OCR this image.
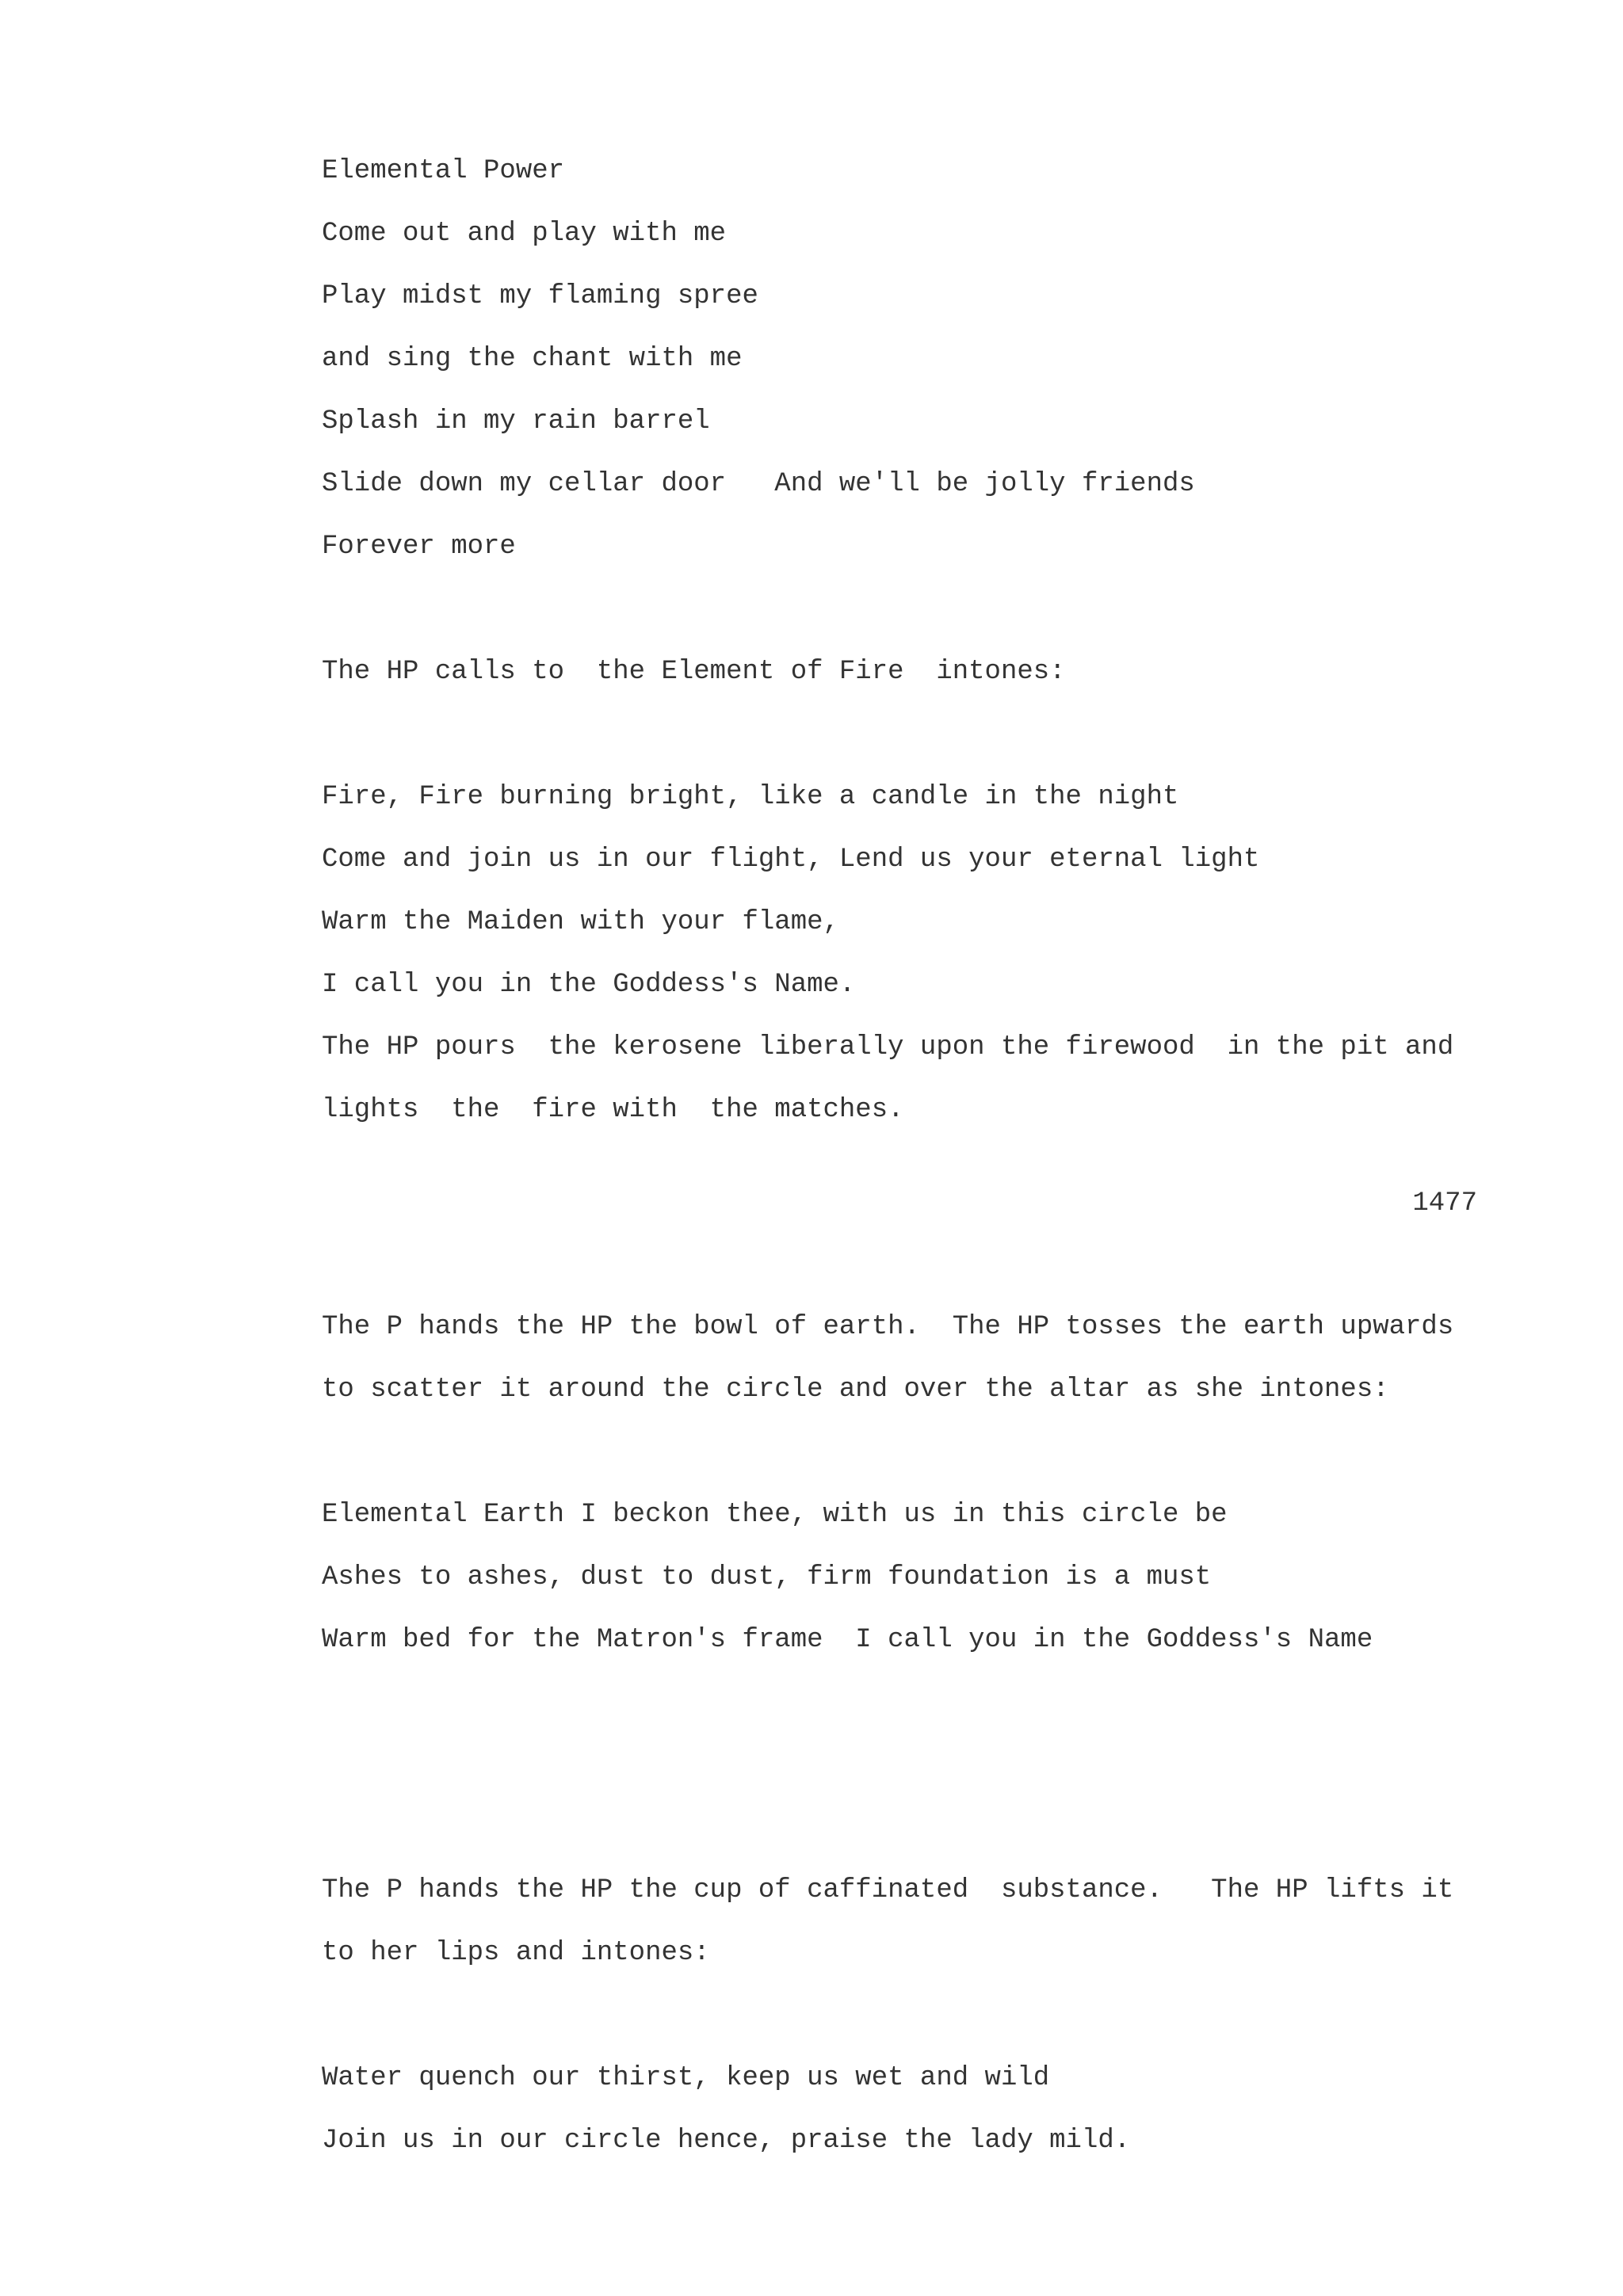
Elemental Power

Come out and play with me

Play midst my flaming spree

and sing the chant with me

Splash in my rain barrel

Slide down my cellar door   And we'll be jolly friends

Forever more

The HP calls to  the Element of Fire  intones:

Fire, Fire burning bright, like a candle in the night

Come and join us in our flight, Lend us your eternal light

Warm the Maiden with your flame,

I call you in the Goddess's Name.

The HP pours  the kerosene liberally upon the firewood  in the pit and

lights  the  fire with  the matches.

1477

The P hands the HP the bowl of earth.  The HP tosses the earth upwards

to scatter it around the circle and over the altar as she intones:

Elemental Earth I beckon thee, with us in this circle be

Ashes to ashes, dust to dust, firm foundation is a must

Warm bed for the Matron's frame  I call you in the Goddess's Name

The P hands the HP the cup of caffinated  substance.   The HP lifts it

to her lips and intones:

Water quench our thirst, keep us wet and wild

Join us in our circle hence, praise the lady mild.
